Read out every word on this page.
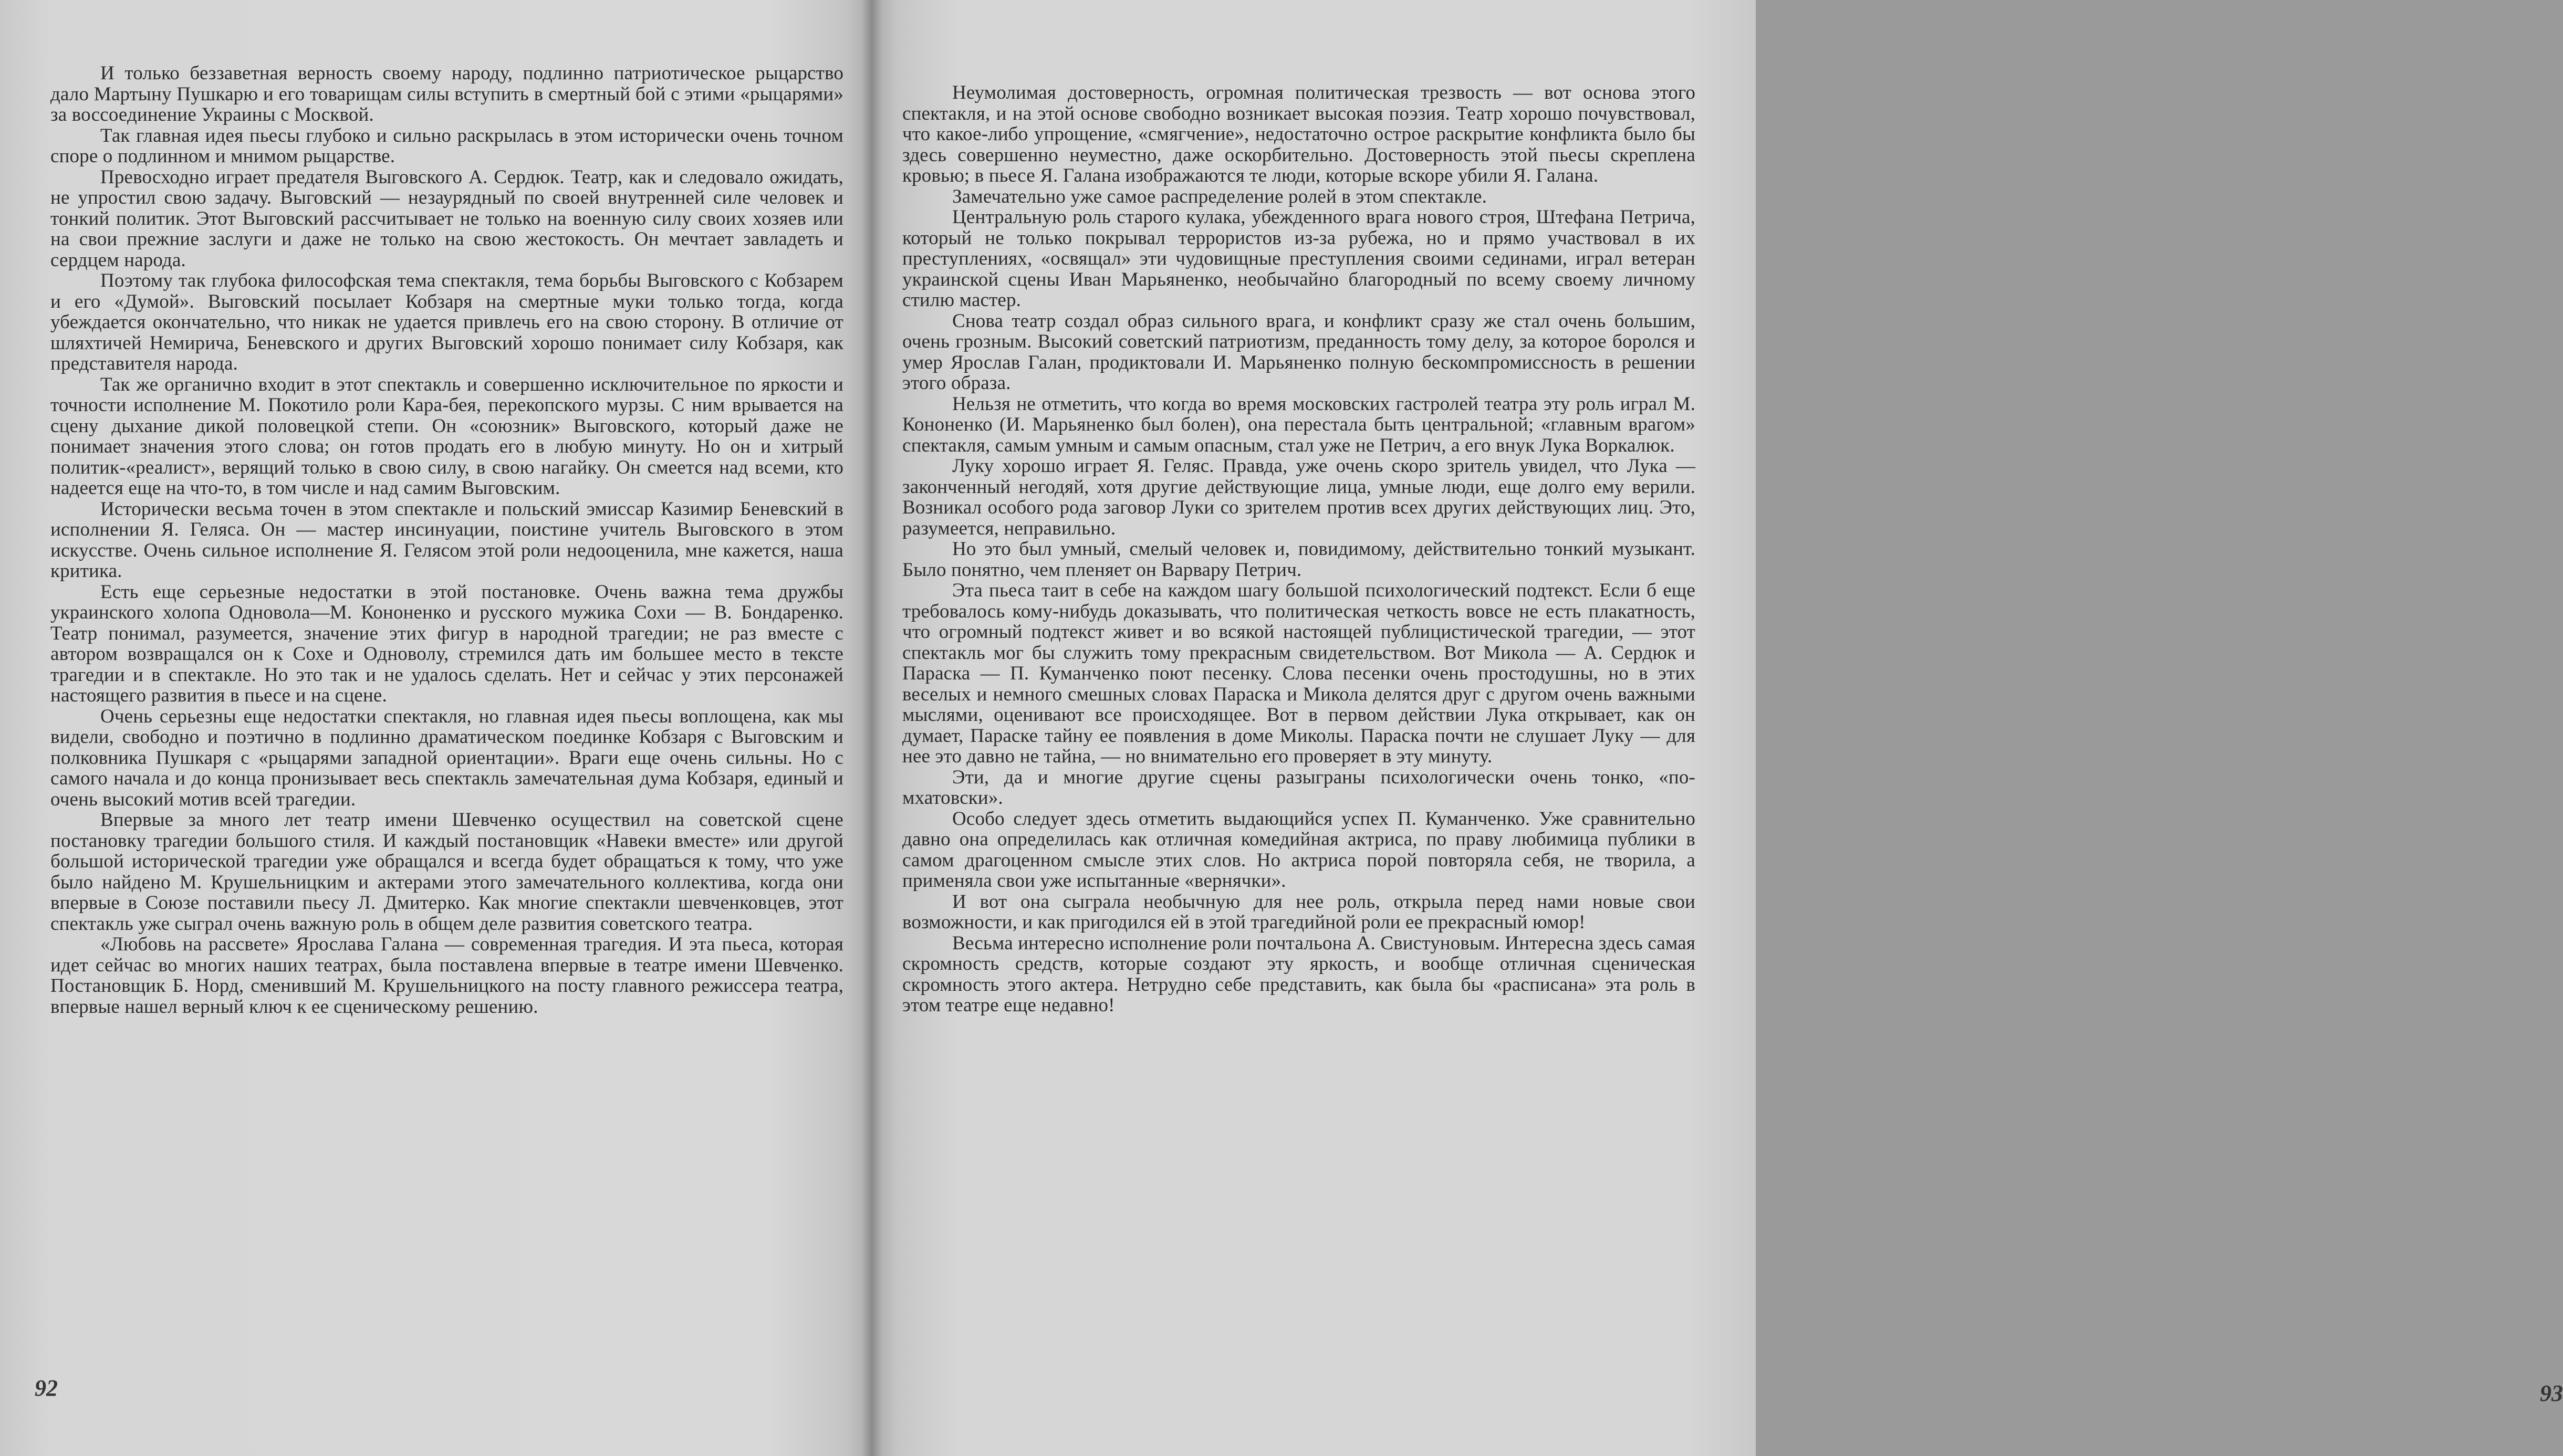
И только беззаветная верность своему народу, подлинно патриотическое рыцарство дало Мартыну Пушкарю и его товарищам силы вступить в смертный бой с этими «рыцарями» за воссоединение Украины с Москвой.

Так главная идея пьесы глубоко и сильно раскрылась в этом исторически очень точном споре о подлинном и мнимом рыцарстве.

Превосходно играет предателя Выговского А. Сердюк. Театр, как и следовало ожидать, не упростил свою задачу. Выговский — незаурядный по своей внутренней силе человек и тонкий политик. Этот Выговский рассчитывает не только на военную силу своих хозяев или на свои прежние заслуги и даже не только на свою жестокость. Он мечтает завладеть и сердцем народа.

Поэтому так глубока философская тема спектакля, тема борьбы Выговского с Кобзарем и его «Думой». Выговский посылает Кобзаря на смертные муки только тогда, когда убеждается окончательно, что никак не удается привлечь его на свою сторону. В отличие от шляхтичей Немирича, Беневского и других Выговский хорошо понимает силу Кобзаря, как представителя народа.

Так же органично входит в этот спектакль и совершенно исключительное по яркости и точности исполнение М. Покотило роли Кара-бея, перекопского мурзы. С ним врывается на сцену дыхание дикой половецкой степи. Он «союзник» Выговского, который даже не понимает значения этого слова; он готов продать его в любую минуту. Но он и хитрый политик-«реалист», верящий только в свою силу, в свою нагайку. Он смеется над всеми, кто надеется еще на что-то, в том числе и над самим Выговским.

Исторически весьма точен в этом спектакле и польский эмиссар Казимир Беневский в исполнении Я. Геляса. Он — мастер инсинуации, поистине учитель Выговского в этом искусстве. Очень сильное исполнение Я. Гелясом этой роли недооценила, мне кажется, наша критика.

Есть еще серьезные недостатки в этой постановке. Очень важна тема дружбы украинского холопа Одновола—М. Кононенко и русского мужика Сохи — В. Бондаренко. Театр понимал, разумеется, значение этих фигур в народной трагедии; не раз вместе с автором возвращался он к Сохе и Одноволу, стремился дать им большее место в тексте трагедии и в спектакле. Но это так и не удалось сделать. Нет и сейчас у этих персонажей настоящего развития в пьесе и на сцене.

Очень серьезны еще недостатки спектакля, но главная идея пьесы воплощена, как мы видели, свободно и поэтично в подлинно драматическом поединке Кобзаря с Выговским и полковника Пушкаря с «рыцарями западной ориентации». Враги еще очень сильны. Но с самого начала и до конца пронизывает весь спектакль замечательная дума Кобзаря, единый и очень высокий мотив всей трагедии.

Впервые за много лет театр имени Шевченко осуществил на советской сцене постановку трагедии большого стиля. И каждый постановщик «Навеки вместе» или другой большой исторической трагедии уже обращался и всегда будет обращаться к тому, что уже было найдено М. Крушельницким и актерами этого замечательного коллектива, когда они впервые в Союзе поставили пьесу Л. Дмитерко. Как многие спектакли шевченковцев, этот спектакль уже сыграл очень важную роль в общем деле развития советского театра.

«Любовь на рассвете» Ярослава Галана — современная трагедия. И эта пьеса, которая идет сейчас во многих наших театрах, была поставлена впервые в театре имени Шевченко. Постановщик Б. Норд, сменивший М. Крушельницкого на посту главного режиссера театра, впервые нашел верный ключ к ее сценическому решению.

92	93

Неумолимая достоверность, огромная политическая трезвость — вот основа этого спектакля, и на этой основе свободно возникает высокая поэзия. Театр хорошо почувствовал, что какое-либо упрощение, «смягчение», недостаточно острое раскрытие конфликта было бы здесь совершенно неуместно, даже оскорбительно. Достоверность этой пьесы скреплена кровью; в пьесе Я. Галана изображаются те люди, которые вскоре убили Я. Галана.

Замечательно уже самое распределение ролей в этом спектакле.

Центральную роль старого кулака, убежденного врага нового строя, Штефана Петрича, который не только покрывал террористов из-за рубежа, но и прямо участвовал в их преступлениях, «освящал» эти чудовищные преступления своими сединами, играл ветеран украинской сцены Иван Марьяненко, необычайно благородный по всему своему личному стилю мастер.

Снова театр создал образ сильного врага, и конфликт сразу же стал очень большим, очень грозным. Высокий советский патриотизм, преданность тому делу, за которое боролся и умер Ярослав Галан, продиктовали И. Марьяненко полную бескомпромиссность в решении этого образа.

Нельзя не отметить, что когда во время московских гастролей театра эту роль играл М. Кононенко (И. Марьяненко был болен), она перестала быть центральной; «главным врагом» спектакля, самым умным и самым опасным, стал уже не Петрич, а его внук Лука Воркалюк.

Луку хорошо играет Я. Геляс. Правда, уже очень скоро зритель увидел, что Лука — законченный негодяй, хотя другие действующие лица, умные люди, еще долго ему верили. Возникал особого рода заговор Луки со зрителем против всех других действующих лиц. Это, разумеется, неправильно.

Но это был умный, смелый человек и, повидимому, действительно тонкий музыкант. Было понятно, чем пленяет он Варвару Петрич.

Эта пьеса таит в себе на каждом шагу большой психологический подтекст. Если б еще требовалось кому-нибудь доказывать, что политическая четкость вовсе не есть плакатность, что огромный подтекст живет и во всякой настоящей публицистической трагедии, — этот спектакль мог бы служить тому прекрасным свидетельством. Вот Микола — А. Сердюк и Параска — П. Куманченко поют песенку. Слова песенки очень простодушны, но в этих веселых и немного смешных словах Параска и Микола делятся друг с другом очень важными мыслями, оценивают все происходящее. Вот в первом действии Лука открывает, как он думает, Параске тайну ее появления в доме Миколы. Параска почти не слушает Луку — для нее это давно не тайна, — но внимательно его проверяет в эту минуту.

Эти, да и многие другие сцены разыграны психологически очень тонко, «по-мхатовски».

Особо следует здесь отметить выдающийся успех П. Куманченко. Уже сравнительно давно она определилась как отличная комедийная актриса, по праву любимица публики в самом драгоценном смысле этих слов. Но актриса порой повторяла себя, не творила, а применяла свои уже испытанные «вернячки».

И вот она сыграла необычную для нее роль, открыла перед нами новые свои возможности, и как пригодился ей в этой трагедийной роли ее прекрасный юмор!

Весьма интересно исполнение роли почтальона А. Свистуновым. Интересна здесь самая скромность средств, которые создают эту яркость, и вообще отличная сценическая скромность этого актера. Нетрудно себе представить, как была бы «расписана» эта роль в этом театре еще недавно!
